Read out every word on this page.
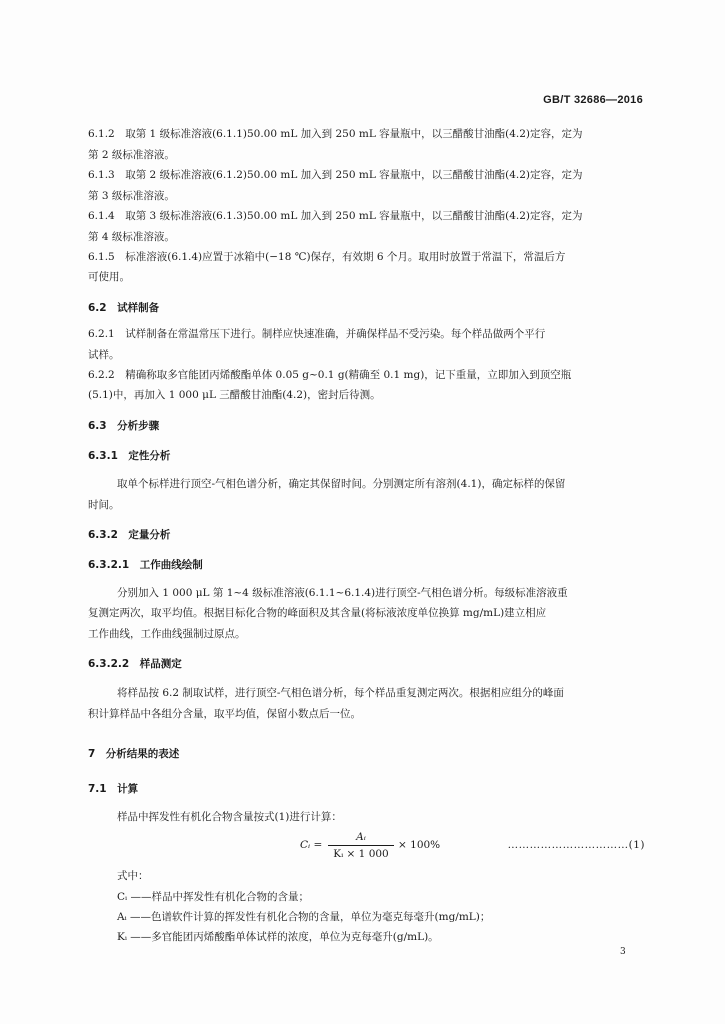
GB/T 32686—2016
6.1.2　取第 1 级标准溶液(6.1.1)50.00 mL 加入到 250 mL 容量瓶中，以三醋酸甘油酯(4.2)定容，定为
第 2 级标准溶液。
6.1.3　取第 2 级标准溶液(6.1.2)50.00 mL 加入到 250 mL 容量瓶中，以三醋酸甘油酯(4.2)定容，定为
第 3 级标准溶液。
6.1.4　取第 3 级标准溶液(6.1.3)50.00 mL 加入到 250 mL 容量瓶中，以三醋酸甘油酯(4.2)定容，定为
第 4 级标准溶液。
6.1.5　标准溶液(6.1.4)应置于冰箱中(−18 ℃)保存，有效期 6 个月。取用时放置于常温下，常温后方
可使用。
6.2　试样制备
6.2.1　试样制备在常温常压下进行。制样应快速准确，并确保样品不受污染。每个样品做两个平行
试样。
6.2.2　精确称取多官能团丙烯酸酯单体 0.05 g~0.1 g(精确至 0.1 mg)，记下重量，立即加入到顶空瓶
(5.1)中，再加入 1 000 μL 三醋酸甘油酯(4.2)，密封后待测。
6.3　分析步骤
6.3.1　定性分析
取单个标样进行顶空-气相色谱分析，确定其保留时间。分别测定所有溶剂(4.1)，确定标样的保留
时间。
6.3.2　定量分析
6.3.2.1　工作曲线绘制
分别加入 1 000 μL 第 1~4 级标准溶液(6.1.1~6.1.4)进行顶空-气相色谱分析。每级标准溶液重
复测定两次，取平均值。根据目标化合物的峰面积及其含量(将标液浓度单位换算 mg/mL)建立相应
工作曲线，工作曲线强制过原点。
6.3.2.2　样品测定
将样品按 6.2 制取试样，进行顶空-气相色谱分析，每个样品重复测定两次。根据相应组分的峰面
积计算样品中各组分含量，取平均值，保留小数点后一位。
7　分析结果的表述
7.1　计算
样品中挥发性有机化合物含量按式(1)进行计算：
Cᵢ =
Aᵢ
Kᵢ × 1 000
× 100%	……………………………(1)
式中：
Cᵢ ——样品中挥发性有机化合物的含量；
Aᵢ ——色谱软件计算的挥发性有机化合物的含量，单位为毫克每毫升(mg/mL)；
Kᵢ ——多官能团丙烯酸酯单体试样的浓度，单位为克每毫升(g/mL)。
3
